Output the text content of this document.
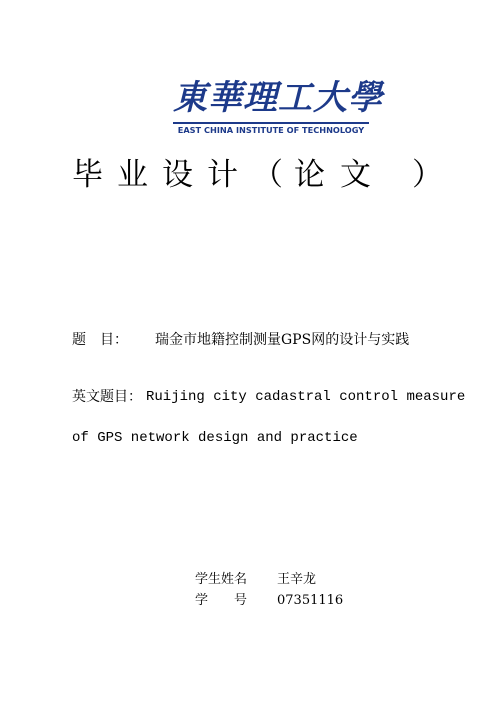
東華理工大學
EAST CHINA INSTITUTE OF TECHNOLOGY
毕 业 设 计 （ 论 文 ）
题　目：	瑞金市地籍控制测量GPS网的设计与实践
英文题目： Ruijing city cadastral control measure
of GPS network design and practice
学生姓名	王辛龙
学　　号	07351116
